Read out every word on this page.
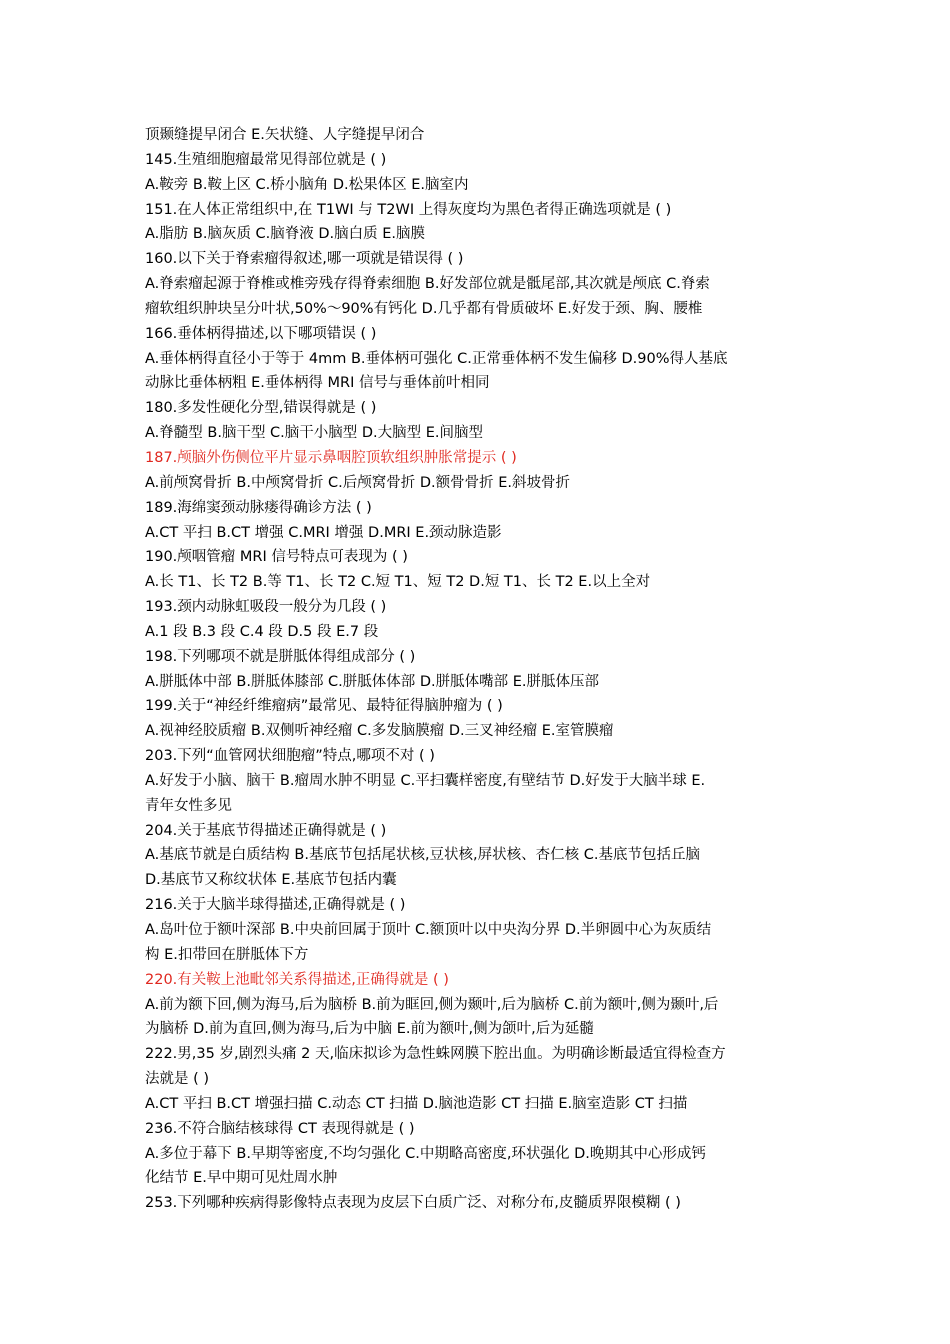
顶颞缝提早闭合 E.矢状缝、人字缝提早闭合
145.生殖细胞瘤最常见得部位就是 ( )
A.鞍旁 B.鞍上区 C.桥小脑角 D.松果体区 E.脑室内
151.在人体正常组织中,在 T1WI 与 T2WI 上得灰度均为黑色者得正确选项就是 ( )
A.脂肪 B.脑灰质 C.脑脊液 D.脑白质 E.脑膜
160.以下关于脊索瘤得叙述,哪一项就是错误得 ( )
A.脊索瘤起源于脊椎或椎旁残存得脊索细胞 B.好发部位就是骶尾部,其次就是颅底 C.脊索
瘤软组织肿块呈分叶状,50%～90%有钙化 D.几乎都有骨质破坏 E.好发于颈、胸、腰椎
166.垂体柄得描述,以下哪项错误 ( )
A.垂体柄得直径小于等于 4mm B.垂体柄可强化 C.正常垂体柄不发生偏移 D.90%得人基底
动脉比垂体柄粗 E.垂体柄得 MRI 信号与垂体前叶相同
180.多发性硬化分型,错误得就是 ( )
A.脊髓型 B.脑干型 C.脑干小脑型 D.大脑型 E.间脑型
187.颅脑外伤侧位平片显示鼻咽腔顶软组织肿胀常提示 ( )
A.前颅窝骨折 B.中颅窝骨折 C.后颅窝骨折 D.额骨骨折 E.斜坡骨折
189.海绵窦颈动脉瘘得确诊方法 ( )
A.CT 平扫 B.CT 增强 C.MRI 增强 D.MRI E.颈动脉造影
190.颅咽管瘤 MRI 信号特点可表现为 ( )
A.长 T1、长 T2 B.等 T1、长 T2 C.短 T1、短 T2 D.短 T1、长 T2 E.以上全对
193.颈内动脉虹吸段一般分为几段 ( )
A.1 段 B.3 段 C.4 段 D.5 段 E.7 段
198.下列哪项不就是胼胝体得组成部分 ( )
A.胼胝体中部 B.胼胝体膝部 C.胼胝体体部 D.胼胝体嘴部 E.胼胝体压部
199.关于“神经纤维瘤病”最常见、最特征得脑肿瘤为 ( )
A.视神经胶质瘤 B.双侧听神经瘤 C.多发脑膜瘤 D.三叉神经瘤 E.室管膜瘤
203.下列“血管网状细胞瘤”特点,哪项不对 ( )
A.好发于小脑、脑干 B.瘤周水肿不明显 C.平扫囊样密度,有壁结节 D.好发于大脑半球 E.
青年女性多见
204.关于基底节得描述正确得就是 ( )
A.基底节就是白质结构 B.基底节包括尾状核,豆状核,屏状核、杏仁核 C.基底节包括丘脑
D.基底节又称纹状体 E.基底节包括内囊
216.关于大脑半球得描述,正确得就是 ( )
A.岛叶位于额叶深部 B.中央前回属于顶叶 C.额顶叶以中央沟分界 D.半卵圆中心为灰质结
构 E.扣带回在胼胝体下方
220.有关鞍上池毗邻关系得描述,正确得就是 ( )
A.前为额下回,侧为海马,后为脑桥 B.前为眶回,侧为颞叶,后为脑桥 C.前为额叶,侧为颞叶,后
为脑桥 D.前为直回,侧为海马,后为中脑 E.前为额叶,侧为颌叶,后为延髓
222.男,35 岁,剧烈头痛 2 天,临床拟诊为急性蛛网膜下腔出血。为明确诊断最适宜得检查方
法就是 ( )
A.CT 平扫 B.CT 增强扫描 C.动态 CT 扫描 D.脑池造影 CT 扫描 E.脑室造影 CT 扫描
236.不符合脑结核球得 CT 表现得就是 ( )
A.多位于幕下 B.早期等密度,不均匀强化 C.中期略高密度,环状强化 D.晚期其中心形成钙
化结节 E.早中期可见灶周水肿
253.下列哪种疾病得影像特点表现为皮层下白质广泛、对称分布,皮髓质界限模糊 ( )
